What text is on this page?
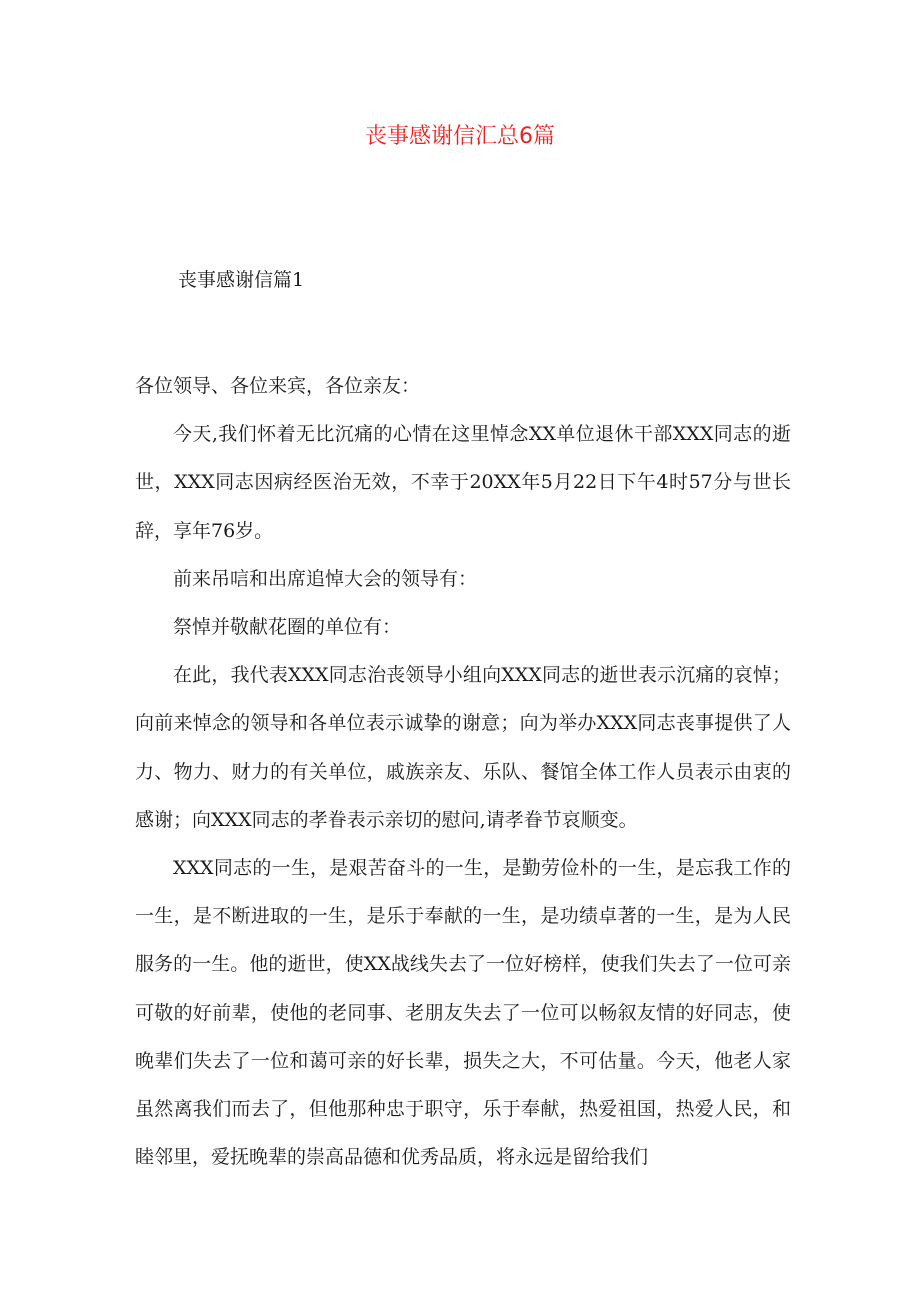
丧事感谢信汇总6篇
丧事感谢信篇1

各位领导、各位来宾，各位亲友：

今天,我们怀着无比沉痛的心情在这里悼念XX单位退休干部XXX同志的逝世，XXX同志因病经医治无效，不幸于20XX年5月22日下午4时57分与世长辞，享年76岁。

前来吊唁和出席追悼大会的领导有：

祭悼并敬献花圈的单位有：

在此，我代表XXX同志治丧领导小组向XXX同志的逝世表示沉痛的哀悼；向前来悼念的领导和各单位表示诚挚的谢意；向为举办XXX同志丧事提供了人力、物力、财力的有关单位，戚族亲友、乐队、餐馆全体工作人员表示由衷的感谢；向XXX同志的孝眷表示亲切的慰问,请孝眷节哀顺变。

XXX同志的一生，是艰苦奋斗的一生，是勤劳俭朴的一生，是忘我工作的一生，是不断进取的一生，是乐于奉献的一生，是功绩卓著的一生，是为人民服务的一生。他的逝世，使XX战线失去了一位好榜样，使我们失去了一位可亲可敬的好前辈，使他的老同事、老朋友失去了一位可以畅叙友情的好同志，使晚辈们失去了一位和蔼可亲的好长辈，损失之大，不可估量。今天，他老人家虽然离我们而去了，但他那种忠于职守，乐于奉献，热爱祖国，热爱人民，和睦邻里，爱抚晚辈的崇高品德和优秀品质，将永远是留给我们
